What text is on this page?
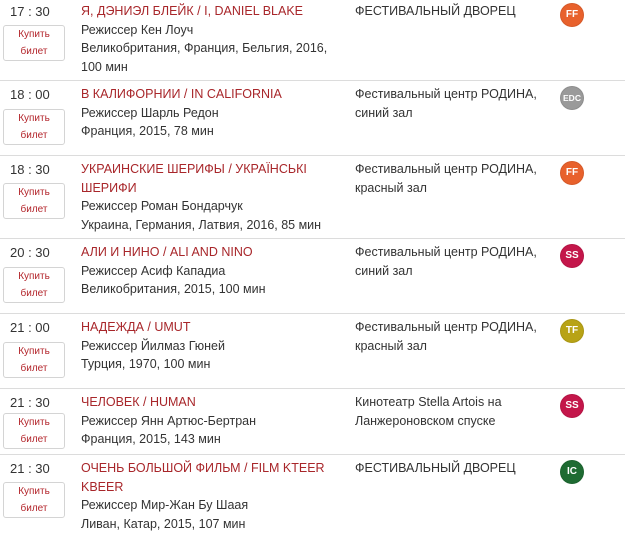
17 : 30
Купить билет
Я, ДЭНИЭЛ БЛЕЙК / I, DANIEL BLAKE
Режиссер Кен Лоуч
Великобритания, Франция, Бельгия, 2016, 100 мин
ФЕСТИВАЛЬНЫЙ ДВОРЕЦ	FF
18 : 00
Купить билет
В КАЛИФОРНИИ / IN CALIFORNIA
Режиссер Шарль Редон
Франция, 2015, 78 мин
Фестивальный центр РОДИНА, синий зал
EDC
18 : 30
Купить билет
УКРАИНСКИЕ ШЕРИФЫ / УКРАЇНСЬКІ ШЕРИФИ
Режиссер Роман Бондарчук
Украина, Германия, Латвия, 2016, 85 мин
Фестивальный центр РОДИНА, красный зал
FF
20 : 30
Купить билет
АЛИ И НИНО / ALI AND NINO
Режиссер Асиф Кападиа
Великобритания, 2015, 100 мин
Фестивальный центр РОДИНА, синий зал
SS
21 : 00
Купить билет
НАДЕЖДА / UMUT
Режиссер Йилмаз Гюней
Турция, 1970, 100 мин
Фестивальный центр РОДИНА, красный зал
TF
21 : 30
Купить билет
ЧЕЛОВЕК / HUMAN
Режиссер Янн Артюс-Бертран
Франция, 2015, 143 мин
Кинотеатр Stella Artois на Ланжероновском спуске
SS
21 : 30
Купить билет
ОЧЕНЬ БОЛЬШОЙ ФИЛЬМ / FILM KTEER KBEER
Режиссер Мир-Жан Бу Шаая
Ливан, Катар, 2015, 107 мин
ФЕСТИВАЛЬНЫЙ ДВОРЕЦ	IC
